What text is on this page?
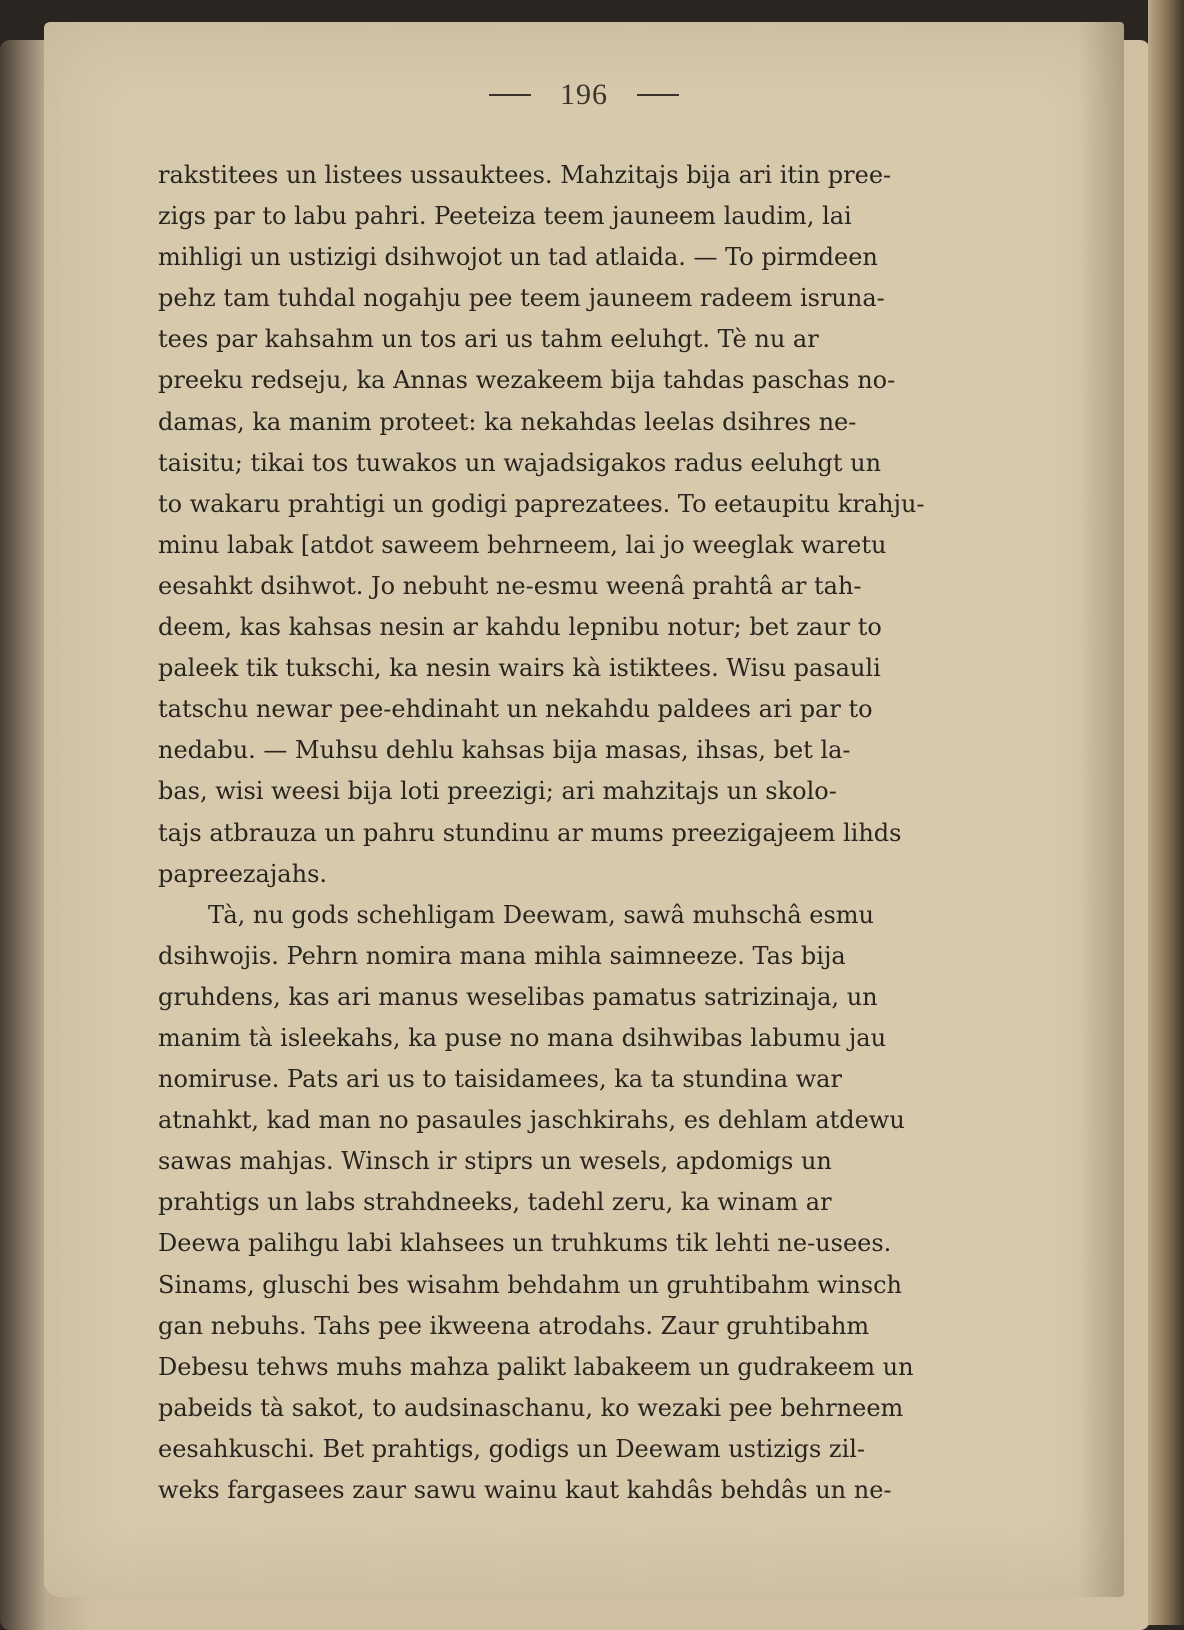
196
rakstitees un listees ussauktees. Mahzitajs bija ari itin pree-
zigs par to labu pahri. Peeteiza teem jauneem laudim, lai
mihligi un ustizigi dsihwojot un tad atlaida. — To pirmdeen
pehz tam tuhdal nogahju pee teem jauneem radeem isruna-
tees par kahsahm un tos ari us tahm eeluhgt. Tè nu ar
preeku redseju, ka Annas wezakeem bija tahdas paschas no-
damas, ka manim proteet: ka nekahdas leelas dsihres ne-
taisitu; tikai tos tuwakos un wajadsigakos radus eeluhgt un
to wakaru prahtigi un godigi paprezatees. To eetaupitu krahju-
minu labak [atdot saweem behrneem, lai jo weeglak waretu
eesahkt dsihwot. Jo nebuht ne-esmu weenâ prahtâ ar tah-
deem, kas kahsas nesin ar kahdu lepnibu notur; bet zaur to
paleek tik tukschi, ka nesin wairs kà istiktees. Wisu pasauli
tatschu newar pee-ehdinaht un nekahdu paldees ari par to
nedabu. — Muhsu dehlu kahsas bija masas, ihsas, bet la-
bas, wisi weesi bija loti preezigi; ari mahzitajs un skolo-
tajs atbrauza un pahru stundinu ar mums preezigajeem lihds
papreezajahs.
Tà, nu gods schehligam Deewam, sawâ muhschâ esmu
dsihwojis. Pehrn nomira mana mihla saimneeze. Tas bija
gruhdens, kas ari manus weselibas pamatus satrizinaja, un
manim tà isleekahs, ka puse no mana dsihwibas labumu jau
nomiruse. Pats ari us to taisidamees, ka ta stundina war
atnahkt, kad man no pasaules jaschkirahs, es dehlam atdewu
sawas mahjas. Winsch ir stiprs un wesels, apdomigs un
prahtigs un labs strahdneeks, tadehl zeru, ka winam ar
Deewa palihgu labi klahsees un truhkums tik lehti ne-usees.
Sinams, gluschi bes wisahm behdahm un gruhtibahm winsch
gan nebuhs. Tahs pee ikweena atrodahs. Zaur gruhtibahm
Debesu tehws muhs mahza palikt labakeem un gudrakeem un
pabeids tà sakot, to audsinaschanu, ko wezaki pee behrneem
eesahkuschi. Bet prahtigs, godigs un Deewam ustizigs zil-
weks fargasees zaur sawu wainu kaut kahdâs behdâs un ne-
